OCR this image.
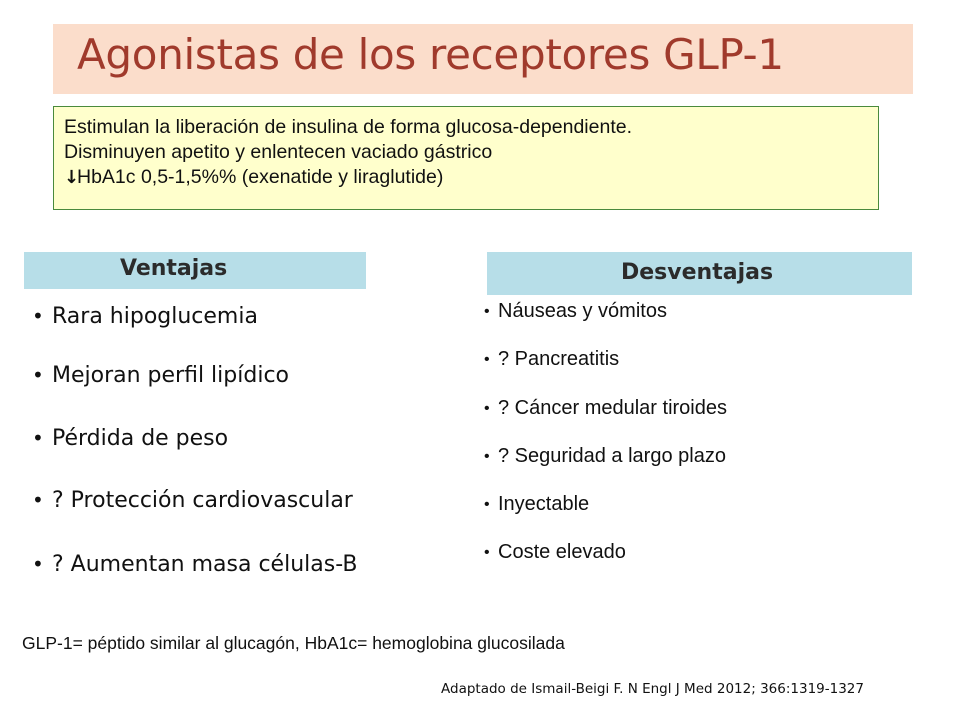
Agonistas de los receptores GLP-1
Estimulan la liberación de insulina de forma glucosa-dependiente.
Disminuyen apetito y enlentecen vaciado gástrico
↓HbA1c 0,5-1,5%% (exenatide y liraglutide)
Ventajas	Desventajas
• Rara hipoglucemia
• Mejoran perfil lipídico
• Pérdida de peso
• ? Protección cardiovascular
• ? Aumentan masa células-B
• Náuseas y vómitos
• ? Pancreatitis
• ? Cáncer medular tiroides
• ? Seguridad a largo plazo
• Inyectable
• Coste elevado
GLP-1= péptido similar al glucagón, HbA1c= hemoglobina glucosilada
Adaptado de Ismail-Beigi F. N Engl J Med 2012; 366:1319-1327
